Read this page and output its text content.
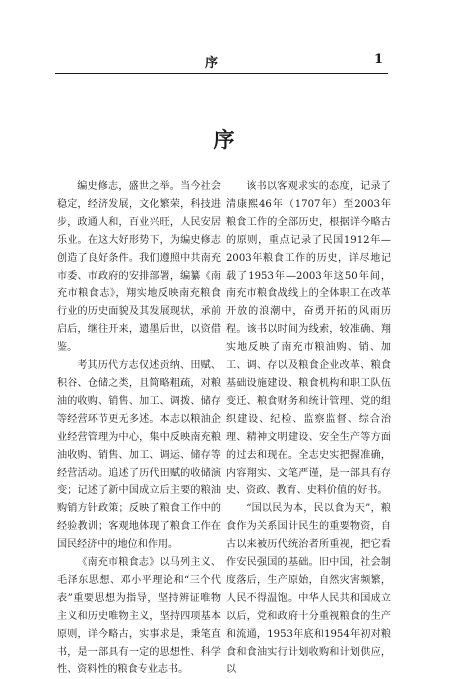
序	1
序

编史修志，盛世之举。当今社会稳定，经济发展，文化繁荣，科技进步，政通人和，百业兴旺，人民安居乐业。在这大好形势下，为编史修志创造了良好条件。我们遵照中共南充市委、市政府的安排部署，编纂《南充市粮食志》，翔实地反映南充粮食行业的历史面貌及其发展现状，承前启后，继往开来，遗墨后世，以资借鉴。

考其历代方志仅述贡纳、田赋、积谷、仓储之类，且简略粗疏，对粮油的收购、销售、加工、调拨、储存等经营环节更无多述。本志以粮油企业经营管理为中心，集中反映南充粮油收购、销售、加工、调运、储存等经营活动。追述了历代田赋的收储演变；记述了新中国成立后主要的粮油购销方针政策；反映了粮食工作中的经验教训；客观地体现了粮食工作在国民经济中的地位和作用。

《南充市粮食志》以马列主义、毛泽东思想、邓小平理论和“三个代表”重要思想为指导，坚持辨证唯物主义和历史唯物主义，坚持四项基本原则，详今略古，实事求是，秉笔直书，是一部具有一定的思想性、科学性、资料性的粮食专业志书。

该书以客观求实的态度，记录了清康熙46年（1707年）至2003年粮食工作的全部历史，根据详今略古的原则，重点记录了民国1912年—2003年粮食工作的历史，详尽地记载了1953年—2003年这50年间，南充市粮食战线上的全体职工在改革开放的浪潮中，奋勇开拓的风雨历程。该书以时间为线索，较准确、翔实地反映了南充市粮油购、销、加工、调、存以及粮食企业改革、粮食基础设施建设、粮食机构和职工队伍变迁、粮食财务和统计管理、党的组织建设、纪检、监察监督、综合治理、精神文明建设、安全生产等方面的过去和现在。全志史实把握准确，内容翔实、文笔严谨，是一部具有存史、资政、教育、史料价值的好书。

“国以民为本，民以食为天”，粮食作为关系国计民生的重要物资，自古以来被历代统治者所重视，把它看作安民强国的基础。旧中国，社会制度落后，生产原始，自然灾害频繁，人民不得温饱。中华人民共和国成立以后，党和政府十分重视粮食的生产和流通，1953年底和1954年初对粮食和食油实行计划收购和计划供应，以
